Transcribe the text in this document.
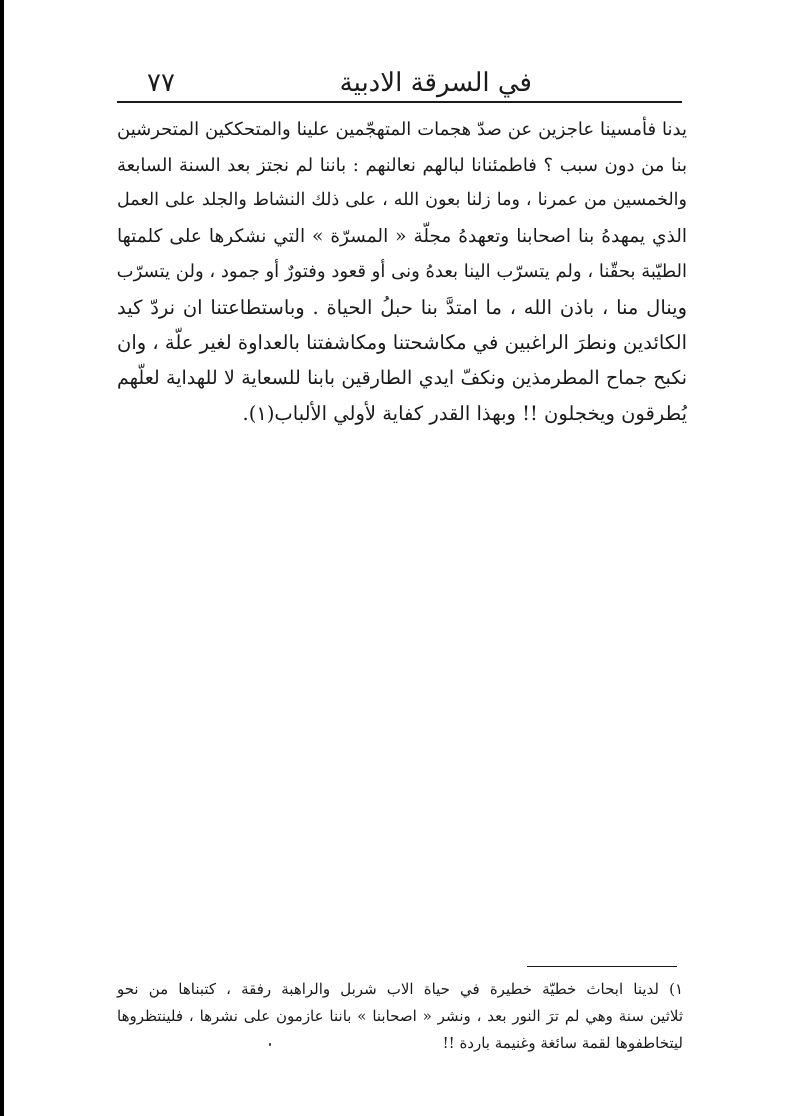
في السرقة الادبية
٧٧
يدنا فأمسينا عاجزين عن صدّ هجمات المتهجّمين علينا والمتحككين المتحرشين
بنا من دون سبب ؟ فاطمئنانا لبالهم نعالنهم : باننا لم نجتز بعد السنة السابعة
والخمسين من عمرنا ، وما زلنا بعون الله ، على ذلك النشاط والجلد على العمل
الذي يمهدهُ بنا اصحابنا وتعهدهُ مجلّة « المسرّة » التي نشكرها على كلمتها
الطيّبة بحقّنا ، ولم يتسرّب الينا بعدهُ ونى أو قعود وفتورٌ أو جمود ، ولن يتسرّب
وينال منا ، باذن الله ، ما امتدَّ بنا حبلُ الحياة . وباستطاعتنا ان نردّ كيد
الكائدين ونطرَ الراغبين في مكاشحتنا ومكاشفتنا بالعداوة لغير علّة ، وان
نكبح جماح المطرمذين ونكفّ ايدي الطارقين بابنا للسعاية لا للهداية لعلّهم
يُطرقون ويخجلون !! وبهذا القدر كفاية لأولي الألباب(١).
١) لدينا ابحاث خطيّة خطيرة في حياة الاب شربل والراهبة رفقة ، كتبناها من نحو
ثلاثين سنة وهي لم ترَ النور بعد ، ونشر « اصحابنا » باننا عازمون على نشرها ، فلينتظروها
ليتخاطفوها لقمة سائغة وغنيمة باردة !!
